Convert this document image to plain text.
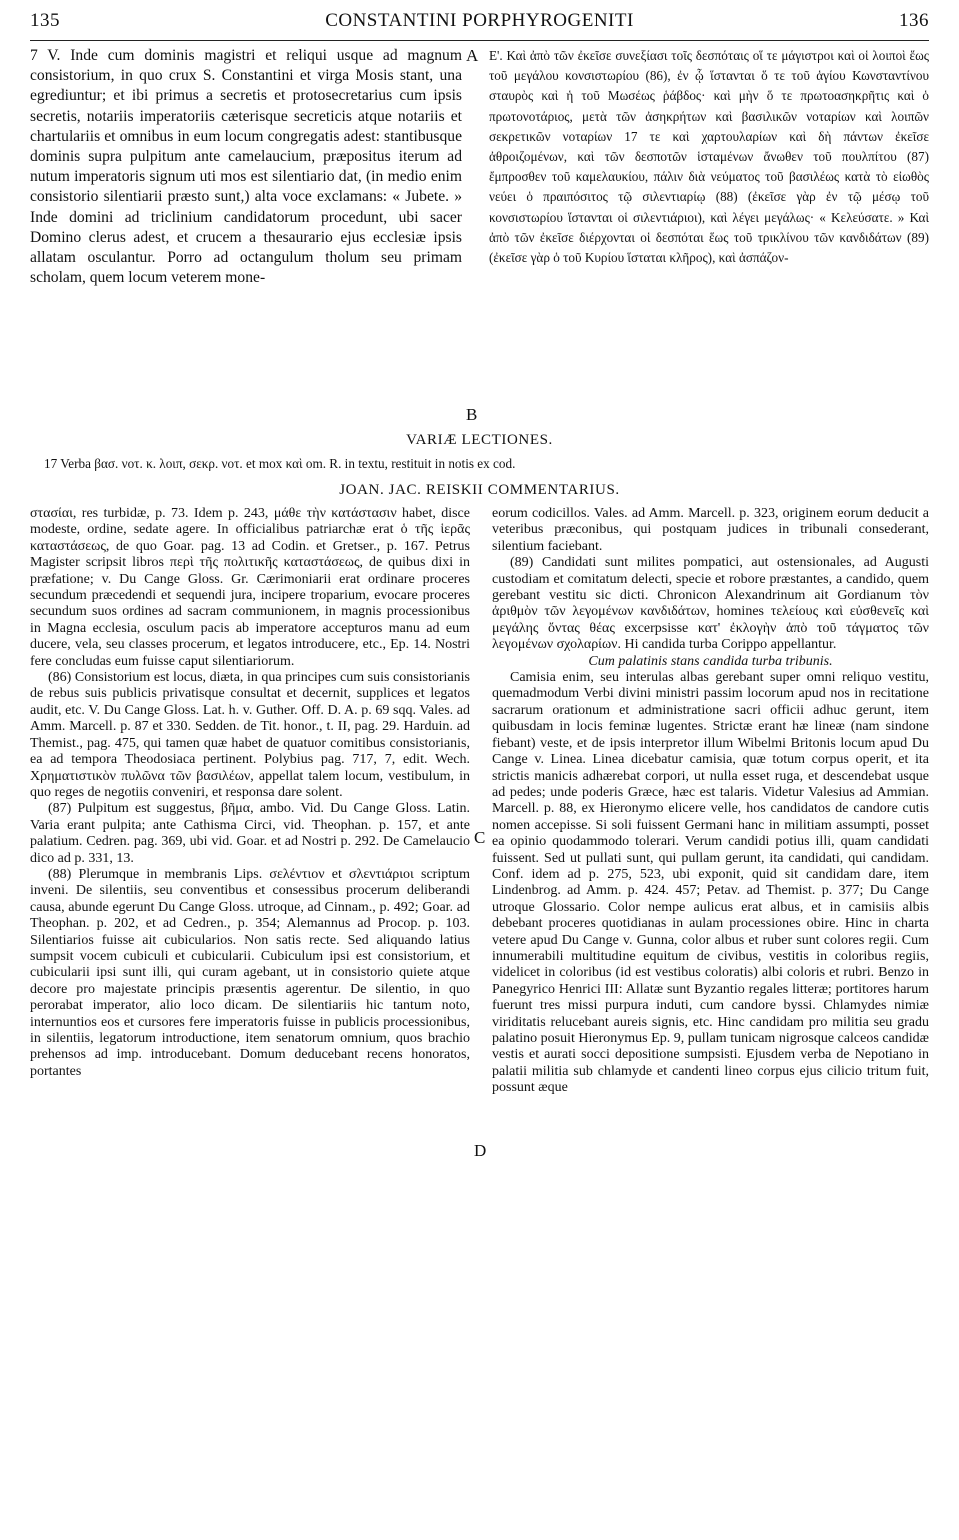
135	CONSTANTINI PORPHYROGENITI	136

7 V. Inde cum dominis magistri et reliqui usque ad magnum consistorium, in quo crux S. Constantini et virga Mosis stant, una egrediuntur; et ibi primus a secretis et protosecretarius cum ipsis secretis, notariis imperatoriis cæterisque secreticis atque notariis et chartulariis et omnibus in eum locum congregatis adest: stantibusque dominis supra pulpitum ante camelaucium, præpositus iterum ad nutum imperatoris signum uti mos est silentiario dat, (in medio enim consistorio silentiarii præsto sunt,) alta voce exclamans: « Jubete. » Inde domini ad triclinium candidatorum procedunt, ubi sacer Domino clerus adest, et crucem a thesaurario ejus ecclesiæ ipsis allatam osculantur. Porro ad octangulum tholum seu primam scholam, quem locum veterem mone-

A
B

Ε'. Καὶ ἀπὸ τῶν ἐκεῖσε συνεξίασι τοῖς δεσπόταις οἵ τε μάγιστροι καὶ οἱ λοιποὶ ἕως τοῦ μεγάλου κονσιστωρίου (86), ἐν ᾧ ἵστανται ὅ τε τοῦ ἁγίου Κωνσταντίνου σταυρὸς καὶ ἡ τοῦ Μωσέως ῥάβδος· καὶ μὴν ὅ τε πρωτοασηκρῆτις καὶ ὁ πρωτονοτάριος, μετὰ τῶν ἀσηκρήτων καὶ βασιλικῶν νοταρίων καὶ λοιπῶν σεκρετικῶν νοταρίων 17 τε καὶ χαρτουλαρίων καὶ δὴ πάντων ἐκεῖσε ἀθροιζομένων, καὶ τῶν δεσποτῶν ἱσταμένων ἄνωθεν τοῦ πουλπίτου (87) ἔμπροσθεν τοῦ καμελαυκίου, πάλιν διὰ νεύματος τοῦ βασιλέως κατὰ τὸ εἰωθὸς νεύει ὁ πραιπόσιτος τῷ σιλεντιαρίῳ (88) (ἐκεῖσε γὰρ ἐν τῷ μέσῳ τοῦ κονσιστωρίου ἵστανται οἱ σιλεντιάριοι), καὶ λέγει μεγάλως· « Κελεύσατε. » Καὶ ἀπὸ τῶν ἐκεῖσε διέρχονται οἱ δεσπόται ἕως τοῦ τρικλίνου τῶν κανδιδάτων (89) (ἐκεῖσε γὰρ ὁ τοῦ Κυρίου ἵσταται κλῆρος), καὶ ἀσπάζον-

VARIÆ LECTIONES.

17 Verba βασ. νοτ. κ. λοιπ, σεκρ. νοτ. et mox καὶ om. R. in textu, restituit in notis ex cod.

JOAN. JAC. REISKII COMMENTARIUS.

στασίαι, res turbidæ, p. 73. Idem p. 243, μάθε τὴν κατάστασιν habet, disce modeste, ordine, sedate agere. In officialibus patriarchæ erat ὁ τῆς ἱερᾶς καταστάσεως, de quo Goar. pag. 13 ad Codin. et Gretser., p. 167. Petrus Magister scripsit libros περὶ τῆς πολιτικῆς καταστάσεως, de quibus dixi in præfatione; v. Du Cange Gloss. Gr. Cærimoniarii erat ordinare proceres secundum præcedendi et sequendi jura, incipere troparium, evocare proceres secundum suos ordines ad sacram communionem, in magnis processionibus in Magna ecclesia, osculum pacis ab imperatore accepturos manu ad eum ducere, vela, seu classes procerum, et legatos introducere, etc., Ep. 14. Nostri fere concludas eum fuisse caput silentiariorum.

(86) Consistorium est locus, diæta, in qua principes cum suis consistorianis de rebus suis publicis privatisque consultat et decernit, supplices et legatos audit, etc. V. Du Cange Gloss. Lat. h. v. Guther. Off. D. A. p. 69 sqq. Vales. ad Amm. Marcell. p. 87 et 330. Sedden. de Tit. honor., t. II, pag. 29. Harduin. ad Themist., pag. 475, qui tamen quæ habet de quatuor comitibus consistorianis, ea ad tempora Theodosiaca pertinent. Polybius pag. 717, 7, edit. Wech. Χρηματιστικὸν πυλῶνα τῶν βασιλέων, appellat talem locum, vestibulum, in quo reges de negotiis conveniri, et responsa dare solent.

(87) Pulpitum est suggestus, βῆμα, ambo. Vid. Du Cange Gloss. Latin. Varia erant pulpita; ante Cathisma Circi, vid. Theophan. p. 157, et ante palatium. Cedren. pag. 369, ubi vid. Goar. et ad Nostri p. 292. De Camelaucio dico ad p. 331, 13.

(88) Plerumque in membranis Lips. σελέντιον et σλεντιάριοι scriptum inveni. De silentiis, seu conventibus et consessibus procerum deliberandi causa, abunde egerunt Du Cange Gloss. utroque, ad Cinnam., p. 492; Goar. ad Theophan. p. 202, et ad Cedren., p. 354; Alemannus ad Procop. p. 103. Silentiarios fuisse ait cubicularios. Non satis recte. Sed aliquando latius sumpsit vocem cubiculi et cubicularii. Cubiculum ipsi est consistorium, et cubicularii ipsi sunt illi, qui curam agebant, ut in consistorio quiete atque decore pro majestate principis præsentis agerentur. De silentio, in quo perorabat imperator, alio loco dicam. De silentiariis hic tantum noto, internuntios eos et cursores fere imperatoris fuisse in publicis processionibus, in silentiis, legatorum introductione, item senatorum omnium, quos brachio prehensos ad imp. introducebant. Domum deducebant recens honoratos, portantes

C
D

eorum codicillos. Vales. ad Amm. Marcell. p. 323, originem eorum deducit a veteribus præconibus, qui postquam judices in tribunali consederant, silentium faciebant.

(89) Candidati sunt milites pompatici, aut ostensionales, ad Augusti custodiam et comitatum delecti, specie et robore præstantes, a candido, quem gerebant vestitu sic dicti. Chronicon Alexandrinum ait Gordianum τὸν ἀριθμὸν τῶν λεγομένων κανδιδάτων, homines τελείους καὶ εὐσθενεῖς καὶ μεγάλης ὄντας θέας excerpsisse κατ' ἐκλογὴν ἀπὸ τοῦ τάγματος τῶν λεγομένων σχολαρίων. Hi candida turba Corippo appellantur.

Cum palatinis stans candida turba tribunis.

Camisia enim, seu interulas albas gerebant super omni reliquo vestitu, quemadmodum Verbi divini ministri passim locorum apud nos in recitatione sacrarum orationum et administratione sacri officii adhuc gerunt, item quibusdam in locis feminæ lugentes. Strictæ erant hæ lineæ (nam sindone fiebant) veste, et de ipsis interpretor illum Wibelmi Britonis locum apud Du Cange v. Linea. Linea dicebatur camisia, quæ totum corpus operit, et ita strictis manicis adhærebat corpori, ut nulla esset ruga, et descendebat usque ad pedes; unde poderis Græce, hæc est talaris. Videtur Valesius ad Ammian. Marcell. p. 88, ex Hieronymo elicere velle, hos candidatos de candore cutis nomen accepisse. Si soli fuissent Germani hanc in militiam assumpti, posset ea opinio quodammodo tolerari. Verum candidi potius illi, quam candidati fuissent. Sed ut pullati sunt, qui pullam gerunt, ita candidati, qui candidam. Conf. idem ad p. 275, 523, ubi exponit, quid sit candidam dare, item Lindenbrog. ad Amm. p. 424. 457; Petav. ad Themist. p. 377; Du Cange utroque Glossario. Color nempe aulicus erat albus, et in camisiis albis debebant proceres quotidianas in aulam processiones obire. Hinc in charta vetere apud Du Cange v. Gunna, color albus et ruber sunt colores regii. Cum innumerabili multitudine equitum de civibus, vestitis in coloribus regiis, videlicet in coloribus (id est vestibus coloratis) albi coloris et rubri. Benzo in Panegyrico Henrici III: Allatæ sunt Byzantio regales litteræ; portitores harum fuerunt tres missi purpura induti, cum candore byssi. Chlamydes nimiæ viriditatis relucebant aureis signis, etc. Hinc candidam pro militia seu gradu palatino posuit Hieronymus Ep. 9, pullam tunicam nigrosque calceos candidæ vestis et aurati socci depositione sumpsisti. Ejusdem verba de Nepotiano in palatii militia sub chlamyde et candenti lineo corpus ejus cilicio tritum fuit, possunt æque
